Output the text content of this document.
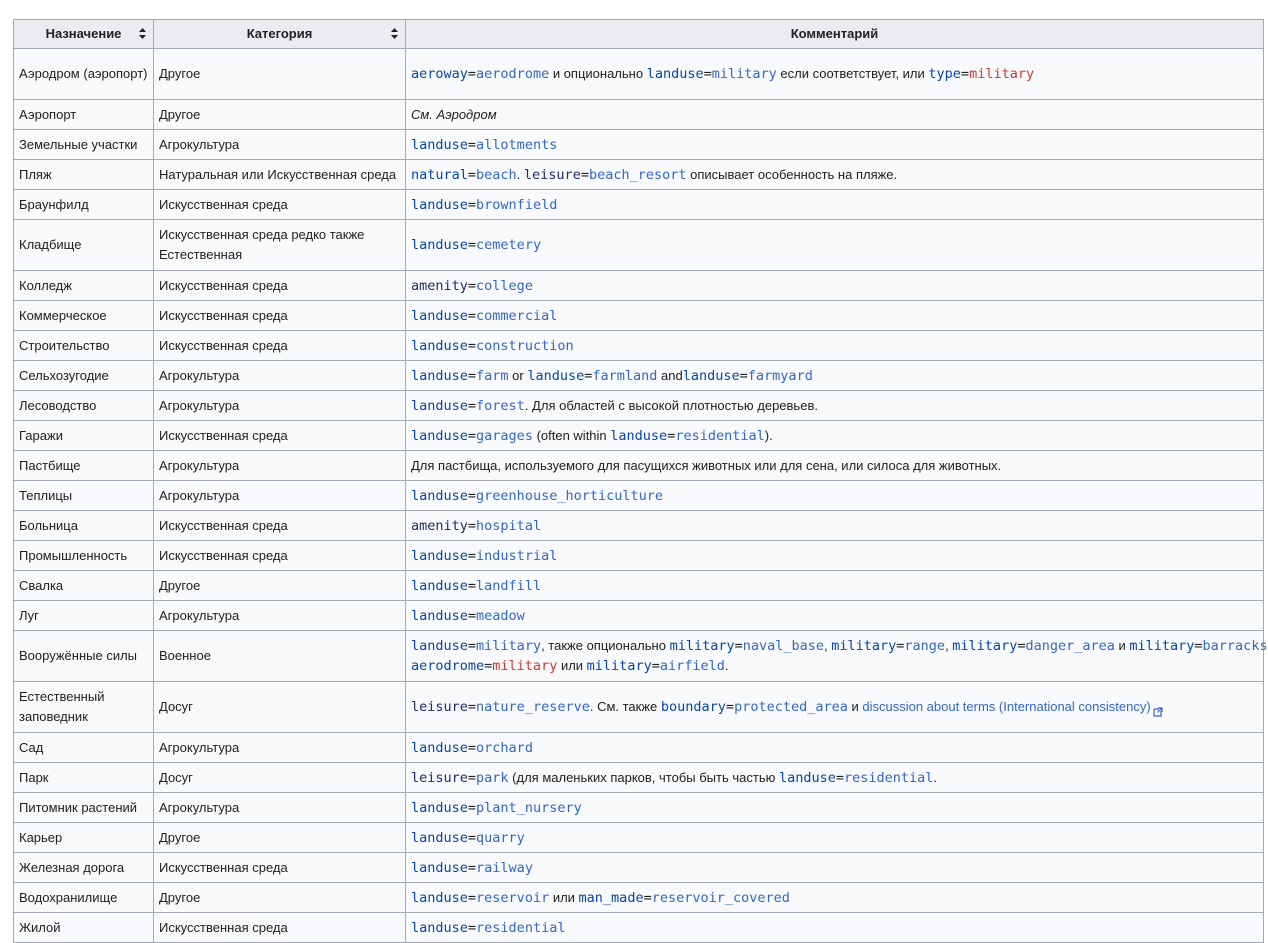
Назначение	Категория	Комментарий
Аэродром (аэропорт)	Другое	aeroway=aerodrome и опционально landuse=military если соответствует, или type=military
Аэропорт	Другое	См. Аэродром
Земельные участки	Агрокультура	landuse=allotments
Пляж	Натуральная или Искусственная среда	natural=beach. leisure=beach_resort описывает особенность на пляже.
Браунфилд	Искусственная среда	landuse=brownfield
Кладбище	Искусственная среда редко также Естественная	landuse=cemetery
Колледж	Искусственная среда	amenity=college
Коммерческое	Искусственная среда	landuse=commercial
Строительство	Искусственная среда	landuse=construction
Сельхозугодие	Агрокультура	landuse=farm or landuse=farmland andlanduse=farmyard
Лесоводство	Агрокультура	landuse=forest. Для областей с высокой плотностью деревьев.
Гаражи	Искусственная среда	landuse=garages (often within landuse=residential).
Пастбище	Агрокультура	Для пастбища, используемого для пасущихся животных или для сена, или силоса для животных.
Теплицы	Агрокультура	landuse=greenhouse_horticulture
Больница	Искусственная среда	amenity=hospital
Промышленность	Искусственная среда	landuse=industrial
Свалка	Другое	landuse=landfill
Луг	Агрокультура	landuse=meadow
Вооружённые силы	Военное	landuse=military, также опционально military=naval_base, military=range, military=danger_area и military=barracks
aerodrome=military или military=airfield.
Естественный заповедник	Досуг	leisure=nature_reserve. См. также boundary=protected_area и discussion about terms (International consistency)
Сад	Агрокультура	landuse=orchard
Парк	Досуг	leisure=park (для маленьких парков, чтобы быть частью landuse=residential.
Питомник растений	Агрокультура	landuse=plant_nursery
Карьер	Другое	landuse=quarry
Железная дорога	Искусственная среда	landuse=railway
Водохранилище	Другое	landuse=reservoir или man_made=reservoir_covered
Жилой	Искусственная среда	landuse=residential
